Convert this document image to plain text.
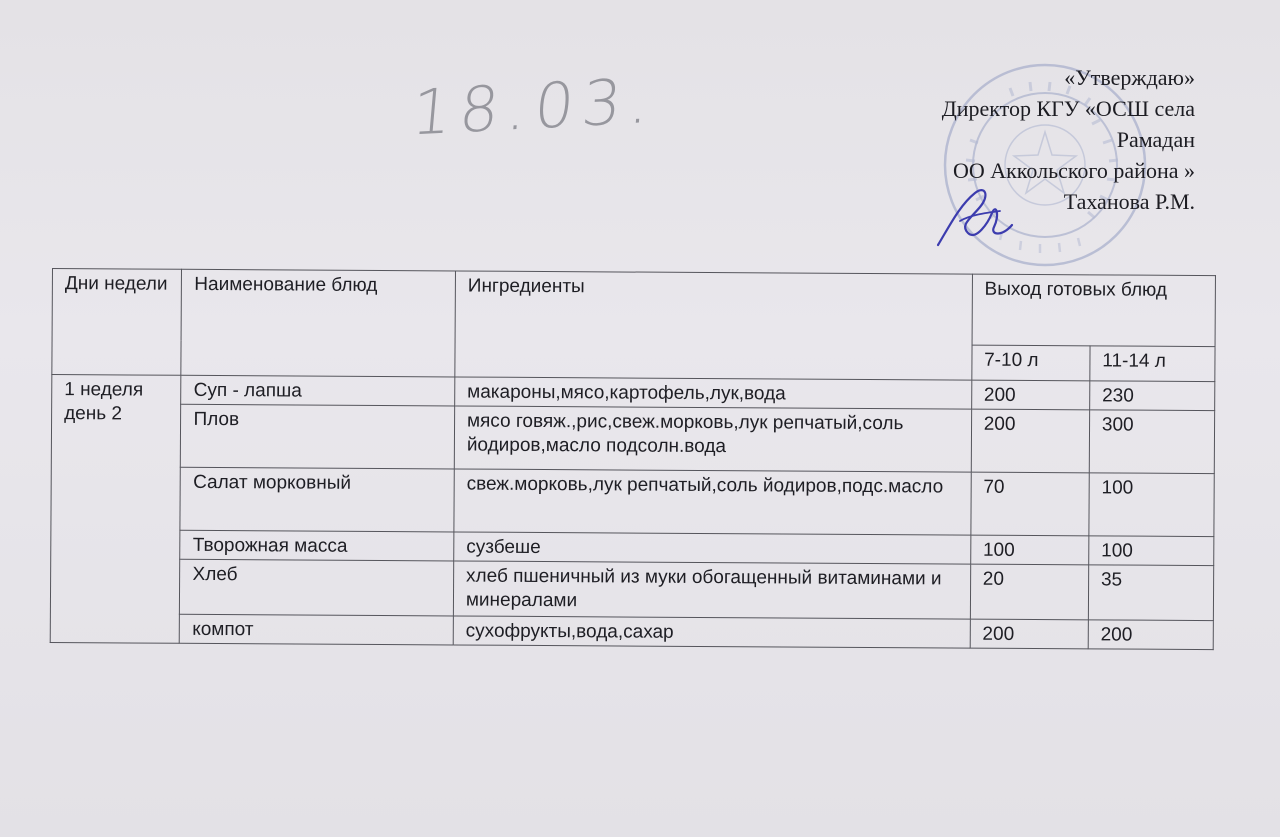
18.03.	«Утверждаю»
Директор КГУ «ОСШ села
Рамадан
ОО Аккольского района »
Таханова Р.М.
Дни недели	Наименование блюд	Ингредиенты	Выход готовых блюд	
			7-10 л	11-14 л
1 неделя день 2	Суп - лапша	макароны,мясо,картофель,лук,вода	200	230
	Плов	мясо говяж.,рис,свеж.морковь,лук репчатый,соль йодиров,масло подсолн.вода	200	300
	Салат морковный	свеж.морковь,лук репчатый,соль йодиров,подс.масло	70	100
	Творожная масса	сузбеше	100	100
	Хлеб	хлеб пшеничный из муки обогащенный витаминами и минералами	20	35
	компот	сухофрукты,вода,сахар	200	200
